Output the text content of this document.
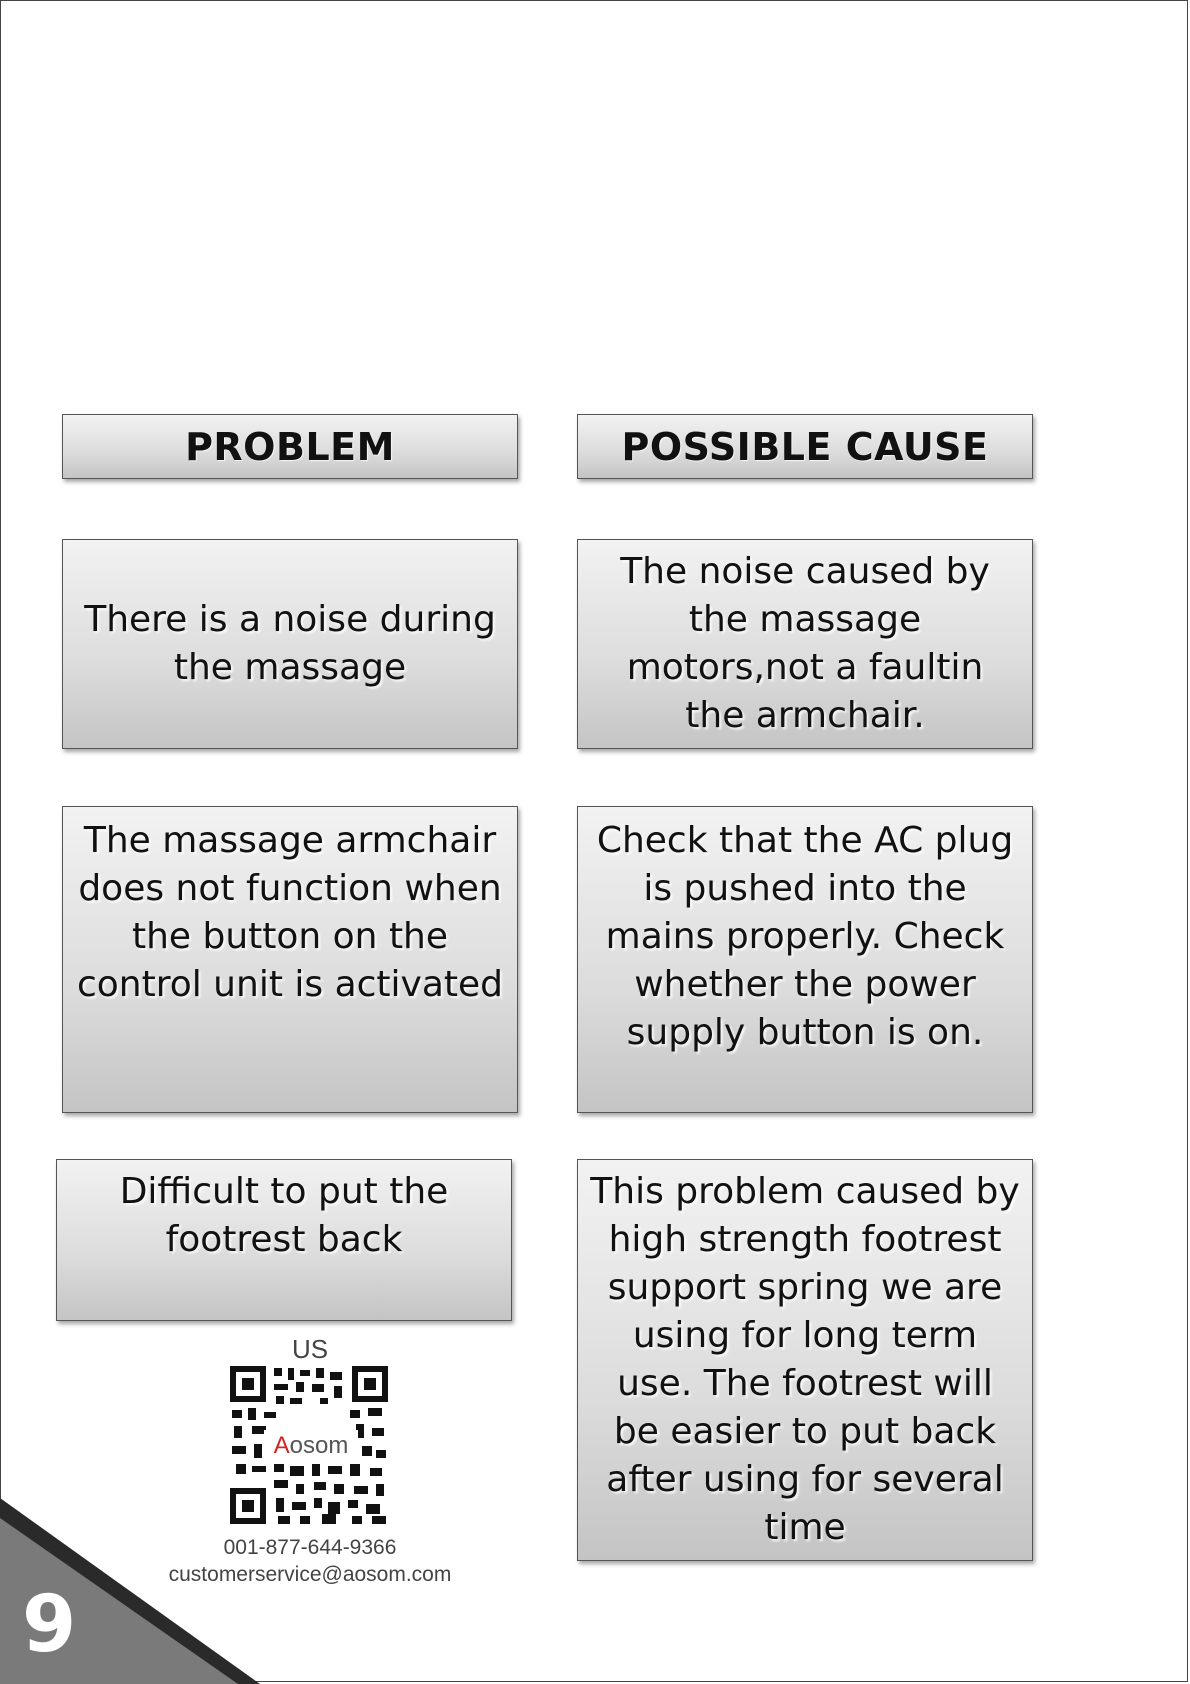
PROBLEM	POSSIBLE CAUSE
There is a noise during the massage
The noise caused by the massage motors,not a faultin the armchair.
The massage armchair does not function when the button on the control unit is activated
Check that the AC plug is pushed into the mains properly. Check whether the power supply button is on.
Difficult to put the footrest back
This problem caused by high strength footrest support spring we are using for long term use. The footrest will be easier to put back after using for several time
US
Aosom
001-877-644-9366
customerservice@aosom.com
9
